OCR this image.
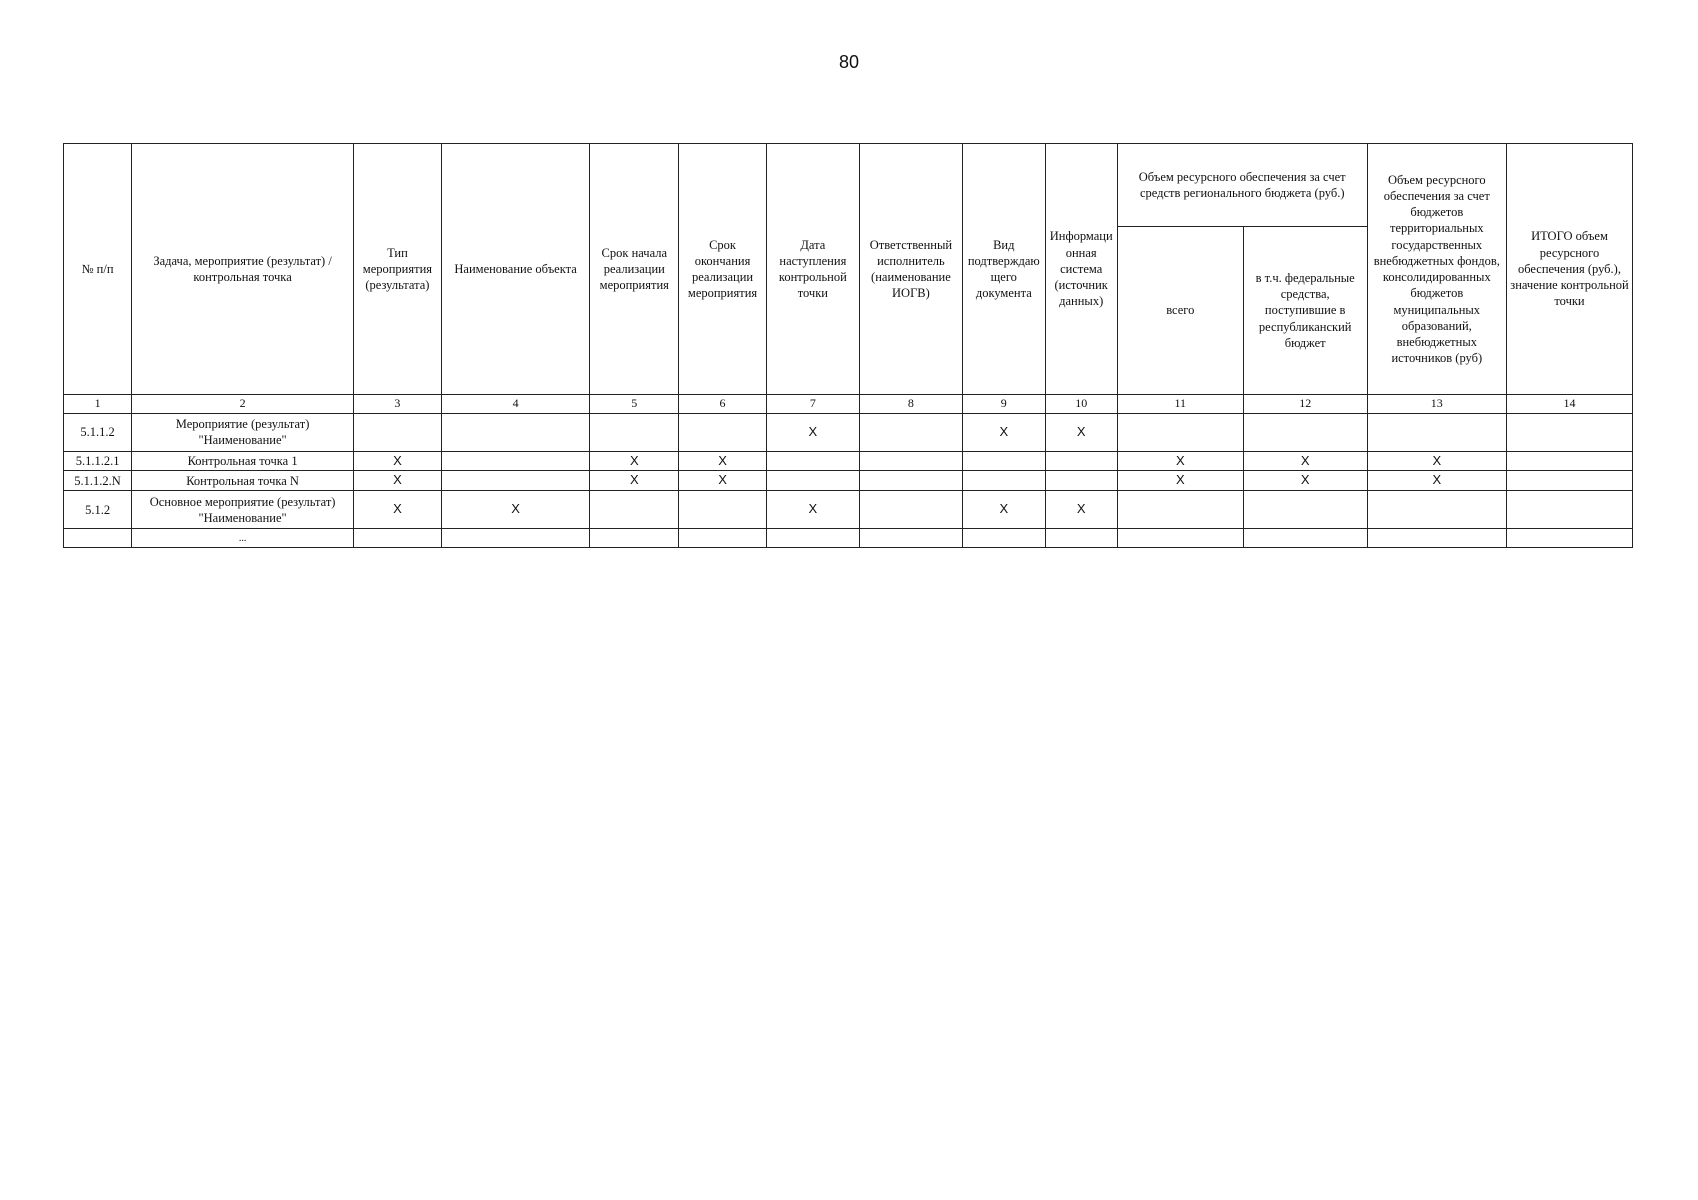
80
№ п/п	Задача, мероприятие (результат) / контрольная точка	Тип мероприятия (результата)	Наименование объекта	Срок начала реализации мероприятия	Срок окончания реализации мероприятия	Дата наступления контрольной точки	Ответственный исполнитель (наименование ИОГВ)	Вид подтверждающего документа	Информационная система (источник данных)	Объем ресурсного обеспечения за счет средств регионального бюджета (руб.)		Объем ресурсного обеспечения за счет бюджетов территориальных государственных внебюджетных фондов, консолидированных бюджетов муниципальных образований, внебюджетных источников (руб)	ИТОГО объем ресурсного обеспечения (руб.), значение контрольной точки
										всего	в т.ч. федеральные средства, поступившие в республиканский бюджет		
1	2	3	4	5	6	7	8	9	10	11	12	13	14
5.1.1.2	Мероприятие (результат) "Наименование"					X		X	X				
5.1.1.2.1	Контрольная точка 1	X		X	X					X	X	X	
5.1.1.2.N	Контрольная точка N	X		X	X					X	X	X	
5.1.2	Основное мероприятие (результат) "Наименование"	X	X			X		X	X				
	...												
